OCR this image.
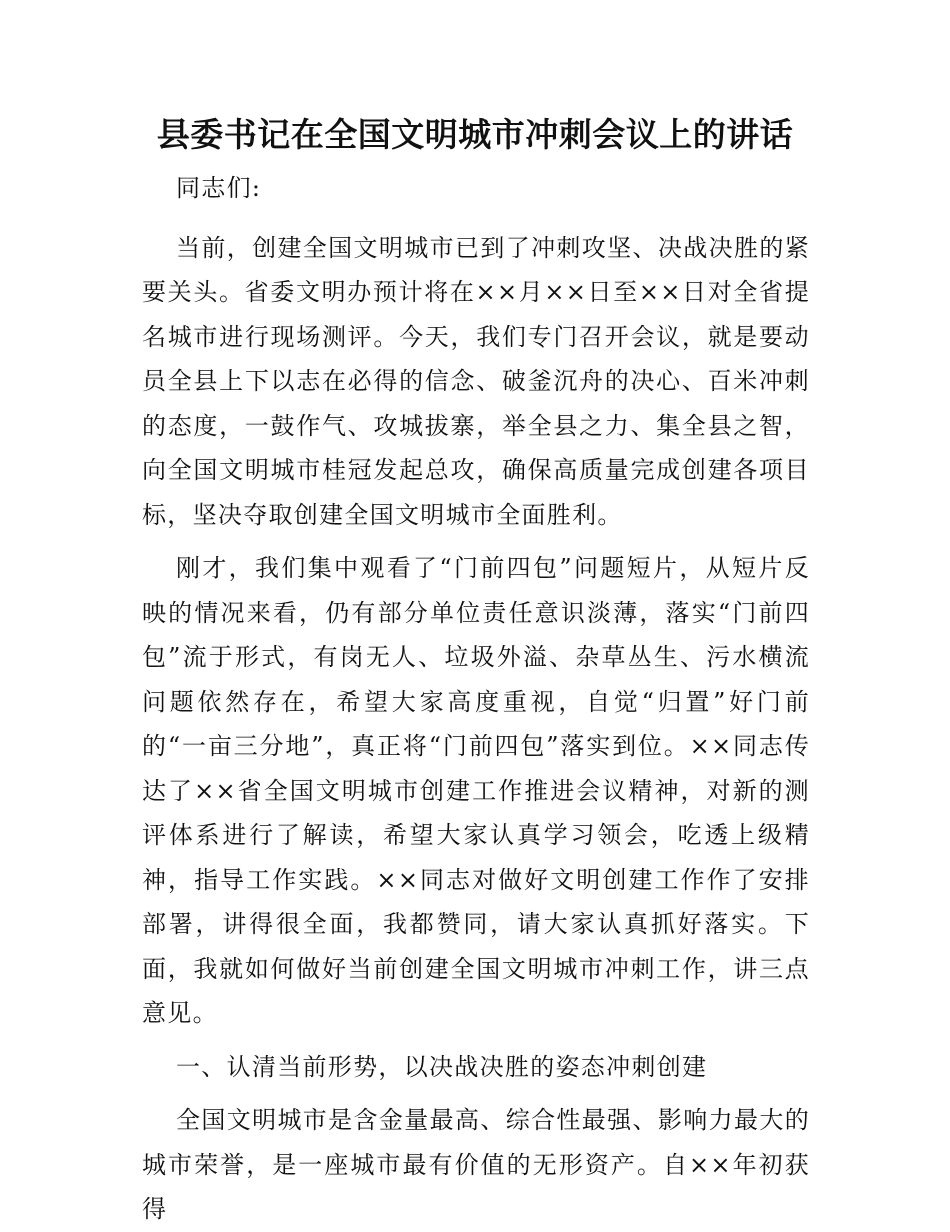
县委书记在全国文明城市冲刺会议上的讲话

同志们:

当前，创建全国文明城市已到了冲刺攻坚、决战决胜的紧要关头。省委文明办预计将在××月××日至××日对全省提名城市进行现场测评。今天，我们专门召开会议，就是要动员全县上下以志在必得的信念、破釜沉舟的决心、百米冲刺的态度，一鼓作气、攻城拔寨，举全县之力、集全县之智，向全国文明城市桂冠发起总攻，确保高质量完成创建各项目标，坚决夺取创建全国文明城市全面胜利。

刚才，我们集中观看了“门前四包”问题短片，从短片反映的情况来看，仍有部分单位责任意识淡薄，落实“门前四包”流于形式，有岗无人、垃圾外溢、杂草丛生、污水横流问题依然存在，希望大家高度重视，自觉“归置”好门前的“一亩三分地”，真正将“门前四包”落实到位。××同志传达了××省全国文明城市创建工作推进会议精神，对新的测评体系进行了解读，希望大家认真学习领会，吃透上级精神，指导工作实践。××同志对做好文明创建工作作了安排部署，讲得很全面，我都赞同，请大家认真抓好落实。下面，我就如何做好当前创建全国文明城市冲刺工作，讲三点意见。

一、认清当前形势，以决战决胜的姿态冲刺创建

全国文明城市是含金量最高、综合性最强、影响力最大的城市荣誉，是一座城市最有价值的无形资产。自××年初获得
